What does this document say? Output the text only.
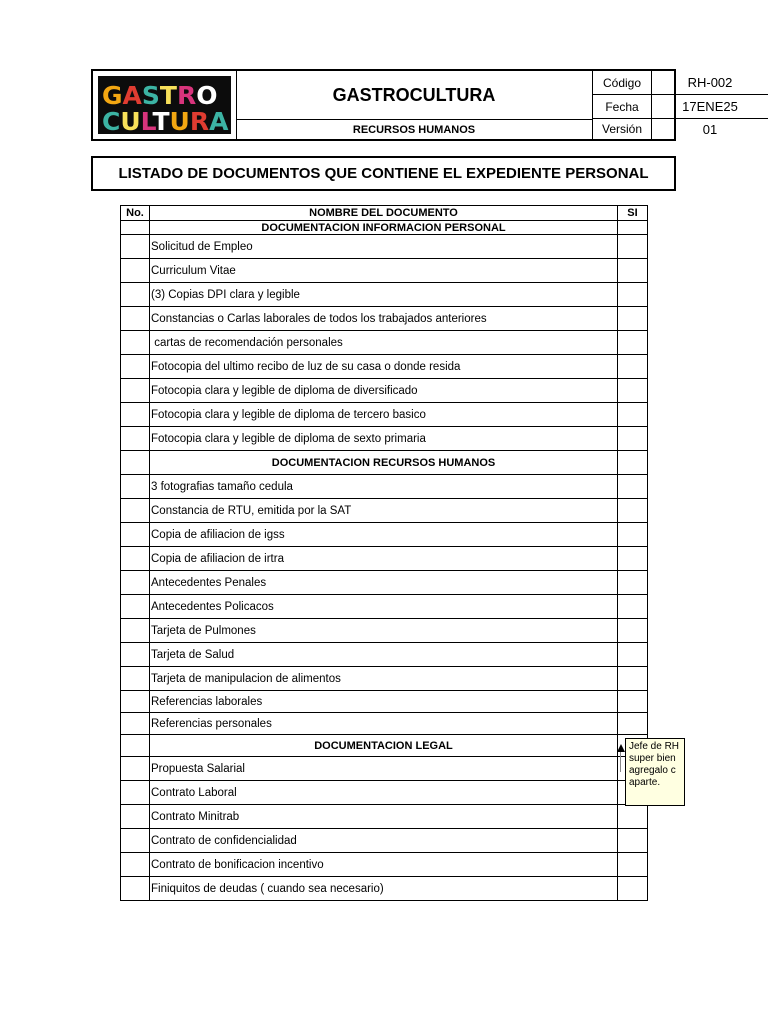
GASTRO
CULTURA
GASTROCULTURA
RECURSOS HUMANOS
Código	RH-002
Fecha	17ENE25
Versión	01
LISTADO DE DOCUMENTOS QUE CONTIENE EL EXPEDIENTE PERSONAL
No.	NOMBRE DEL DOCUMENTO	SI
	DOCUMENTACION INFORMACION PERSONAL	
	Solicitud de Empleo	
	Curriculum Vitae	
	(3) Copias DPI clara y legible	
	Constancias o Carlas laborales de todos los trabajados anteriores	
	cartas de recomendación personales	
	Fotocopia del ultimo recibo de luz de su casa o donde resida	
	Fotocopia clara y legible de diploma de diversificado	
	Fotocopia clara y legible de diploma de tercero basico	
	Fotocopia clara y legible de diploma de sexto primaria	
	DOCUMENTACION RECURSOS HUMANOS	
	3 fotografias tamaño cedula	
	Constancia de RTU, emitida por la SAT	
	Copia de afiliacion de igss	
	Copia de afiliacion de irtra	
	Antecedentes Penales	
	Antecedentes Policacos	
	Tarjeta de Pulmones	
	Tarjeta de Salud	
	Tarjeta de manipulacion de alimentos	
	Referencias laborales	
	Referencias personales	
	DOCUMENTACION LEGAL	
	Propuesta Salarial	
	Contrato Laboral	
	Contrato Minitrab	
	Contrato de confidencialidad	
	Contrato de bonificacion incentivo	
	Finiquitos de deudas ( cuando sea necesario)	
Jefe de RH
super bien
agregalo c
aparte.
